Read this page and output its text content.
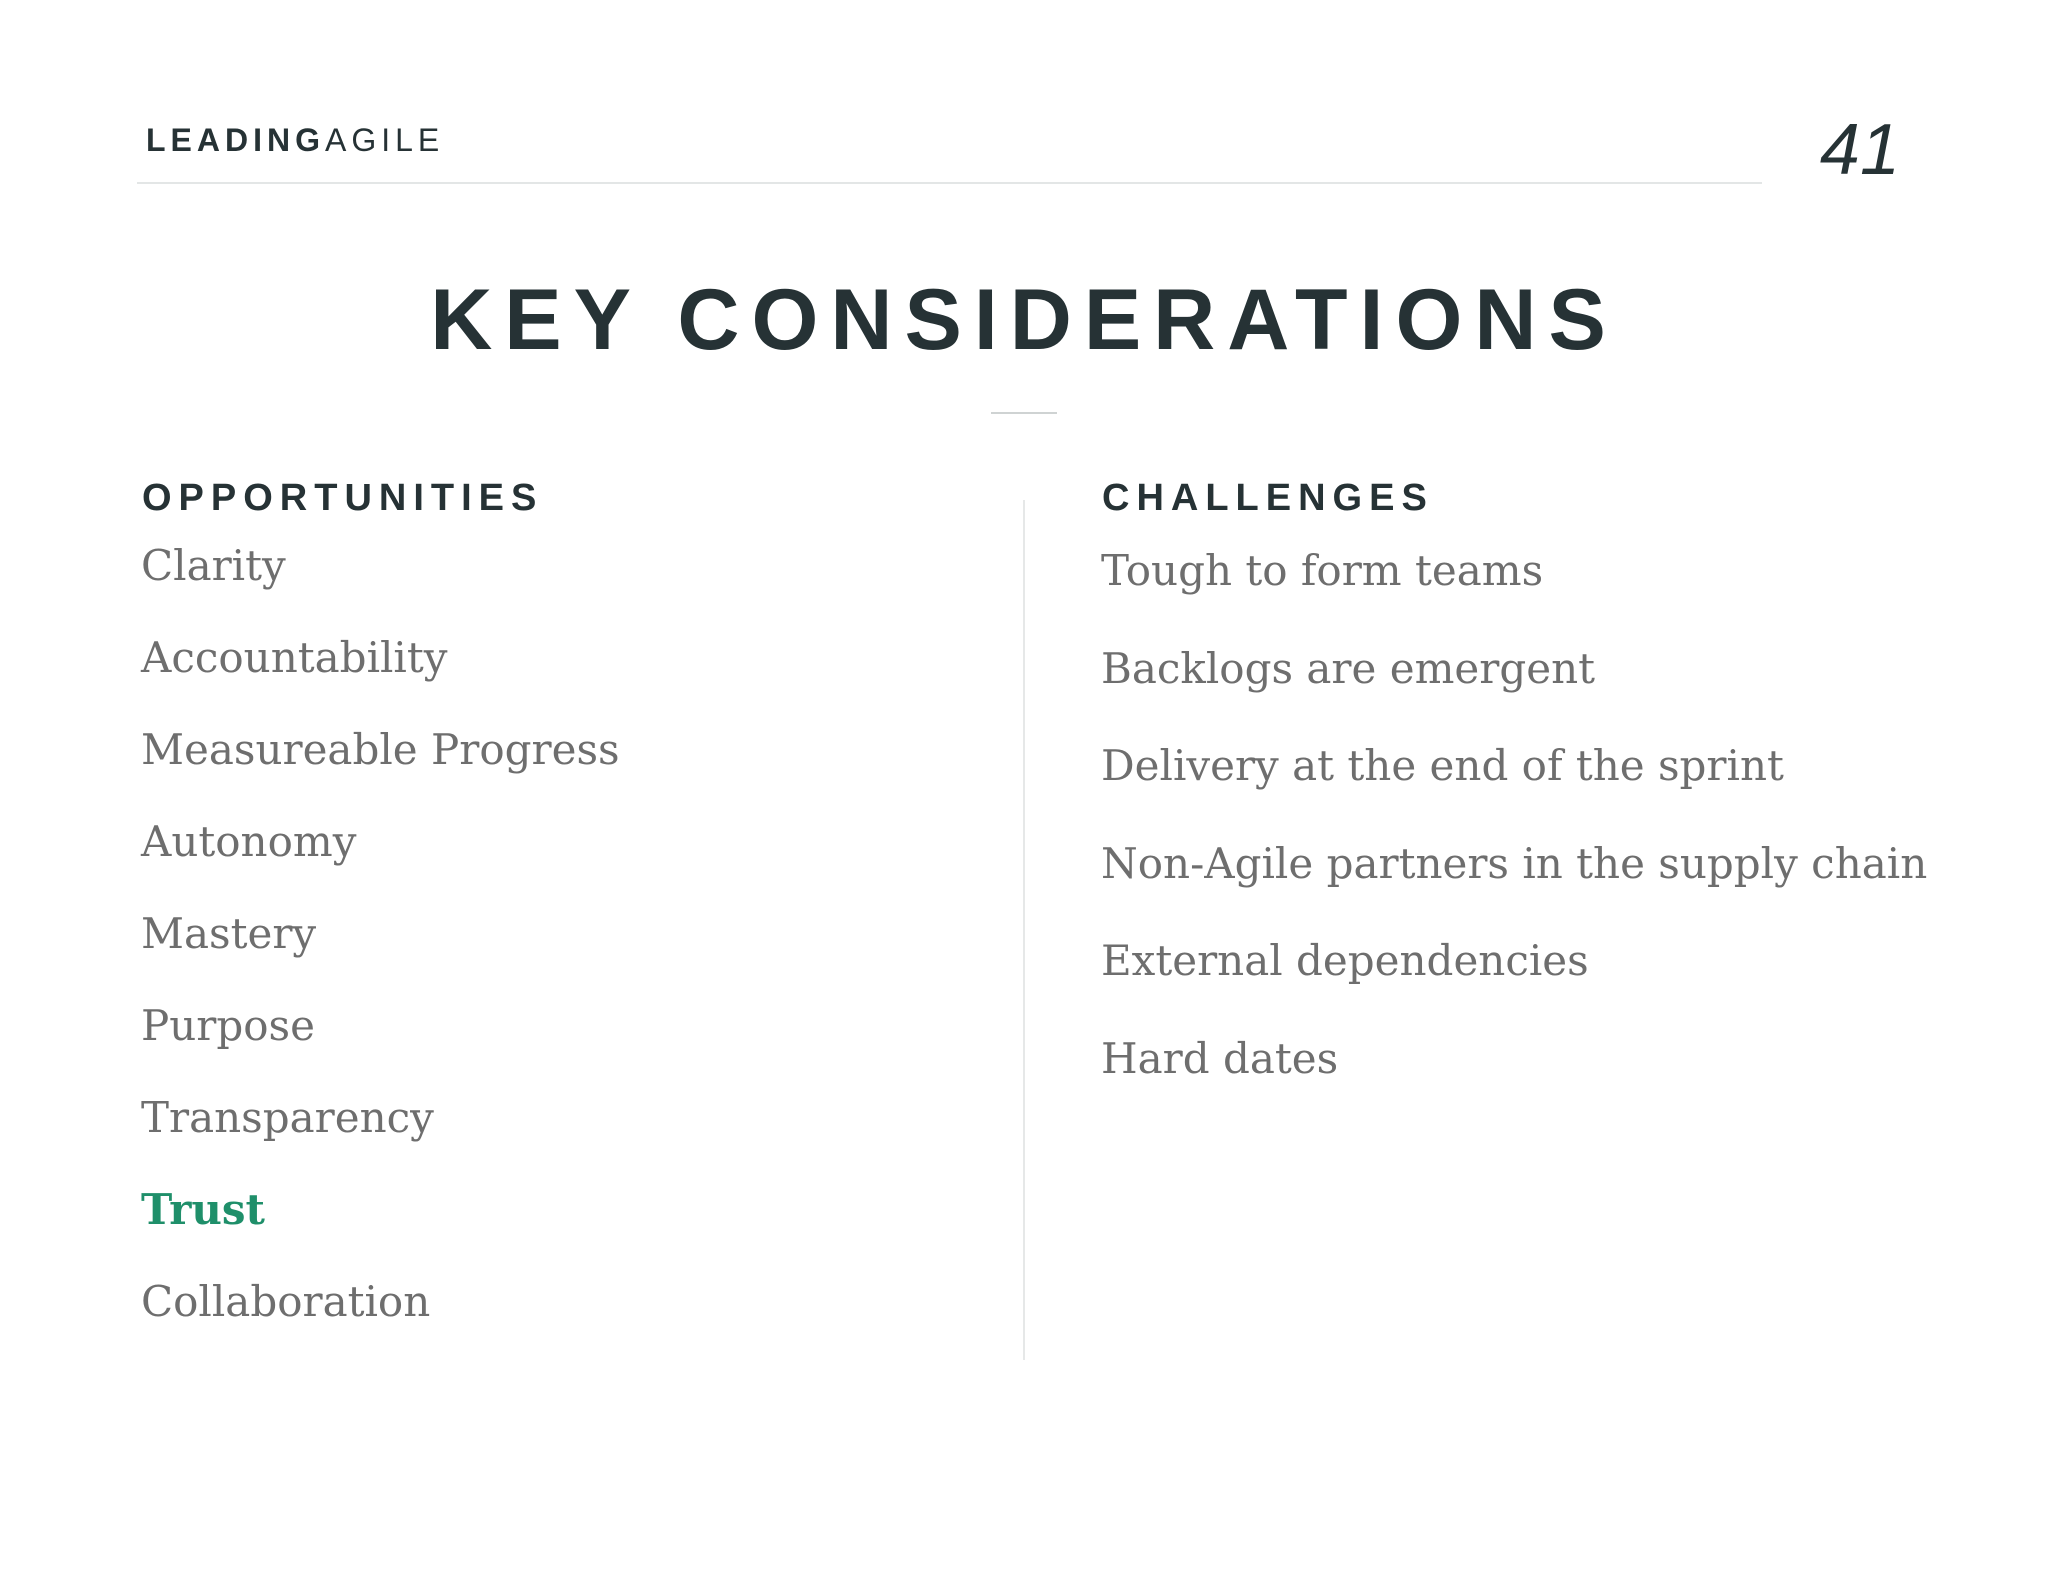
LEADINGAGILE	41
KEY CONSIDERATIONS
OPPORTUNITIES
Clarity
Accountability
Measureable Progress
Autonomy
Mastery
Purpose
Transparency
Trust
Collaboration
CHALLENGES
Tough to form teams
Backlogs are emergent
Delivery at the end of the sprint
Non-Agile partners in the supply chain
External dependencies
Hard dates
